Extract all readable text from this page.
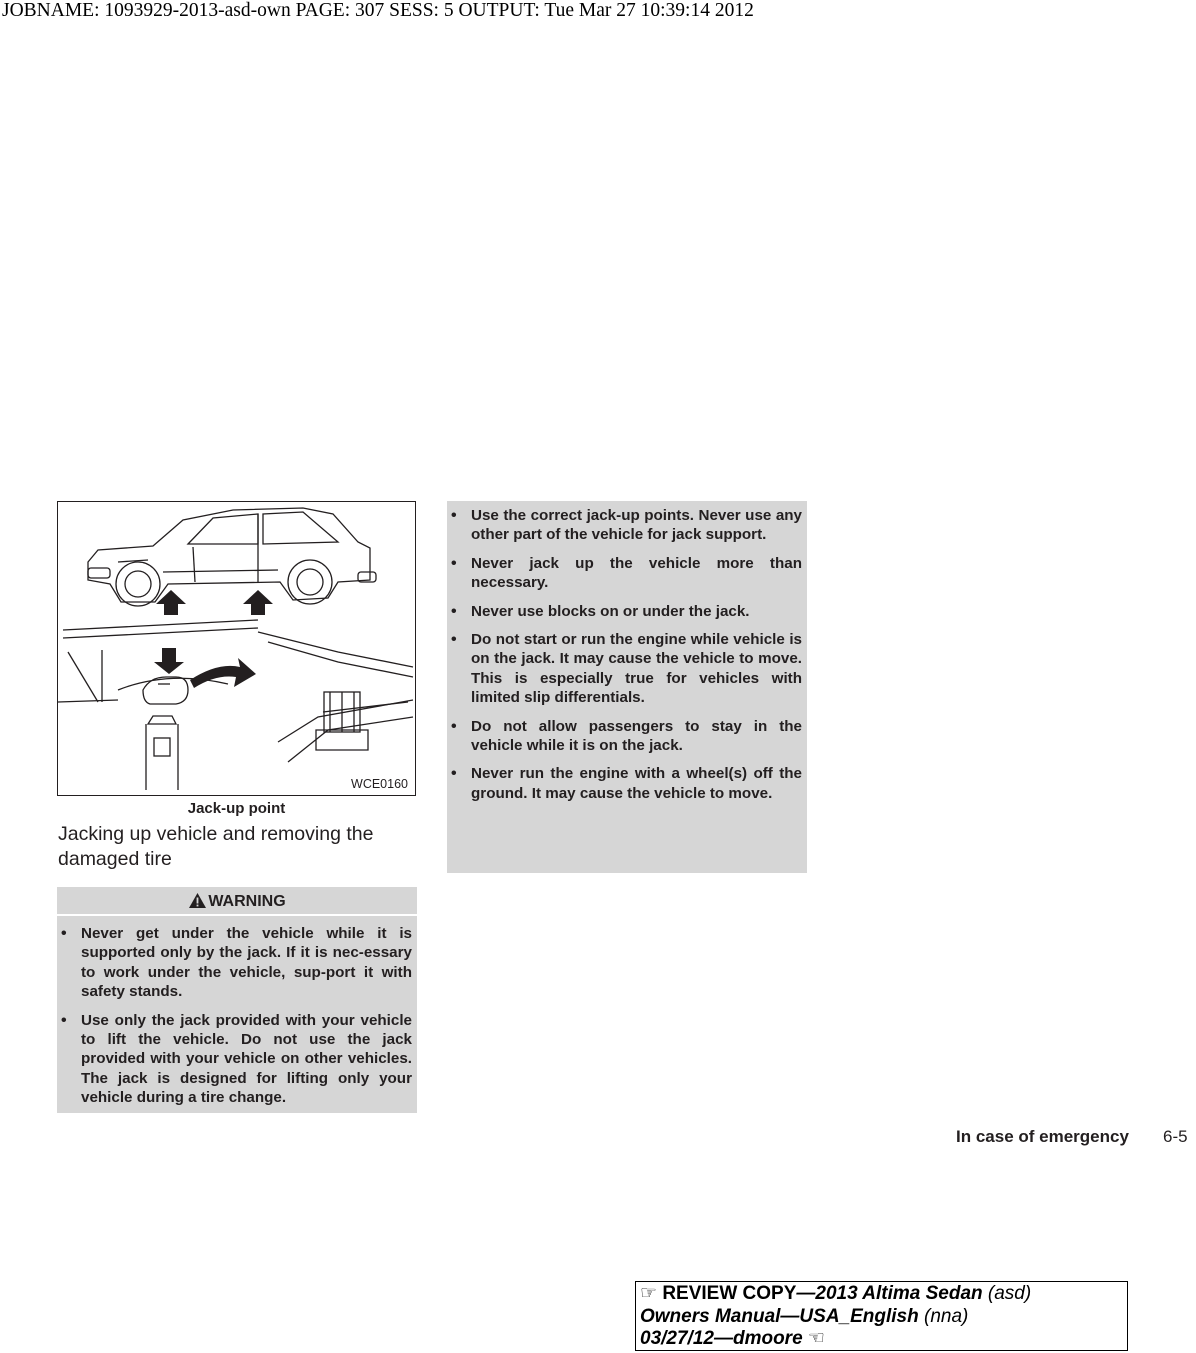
JOBNAME: 1093929-2013-asd-own PAGE: 307 SESS: 5 OUTPUT: Tue Mar 27 10:39:14 2012
WCE0160
Jack-up point
Jacking up vehicle and removing the damaged tire
WARNING
• Never get under the vehicle while it is supported only by the jack. If it is nec-essary to work under the vehicle, sup-port it with safety stands.
• Use only the jack provided with your vehicle to lift the vehicle. Do not use the jack provided with your vehicle on other vehicles. The jack is designed for lifting only your vehicle during a tire change.
• Use the correct jack-up points. Never use any other part of the vehicle for jack support.
• Never jack up the vehicle more than necessary.
• Never use blocks on or under the jack.
• Do not start or run the engine while vehicle is on the jack. It may cause the vehicle to move. This is especially true for vehicles with limited slip differentials.
• Do not allow passengers to stay in the vehicle while it is on the jack.
• Never run the engine with a wheel(s) off the ground. It may cause the vehicle to move.
In case of emergency 6-5
☞ REVIEW COPY—2013 Altima Sedan (asd)
Owners Manual—USA_English (nna)
03/27/12—dmoore ☜
